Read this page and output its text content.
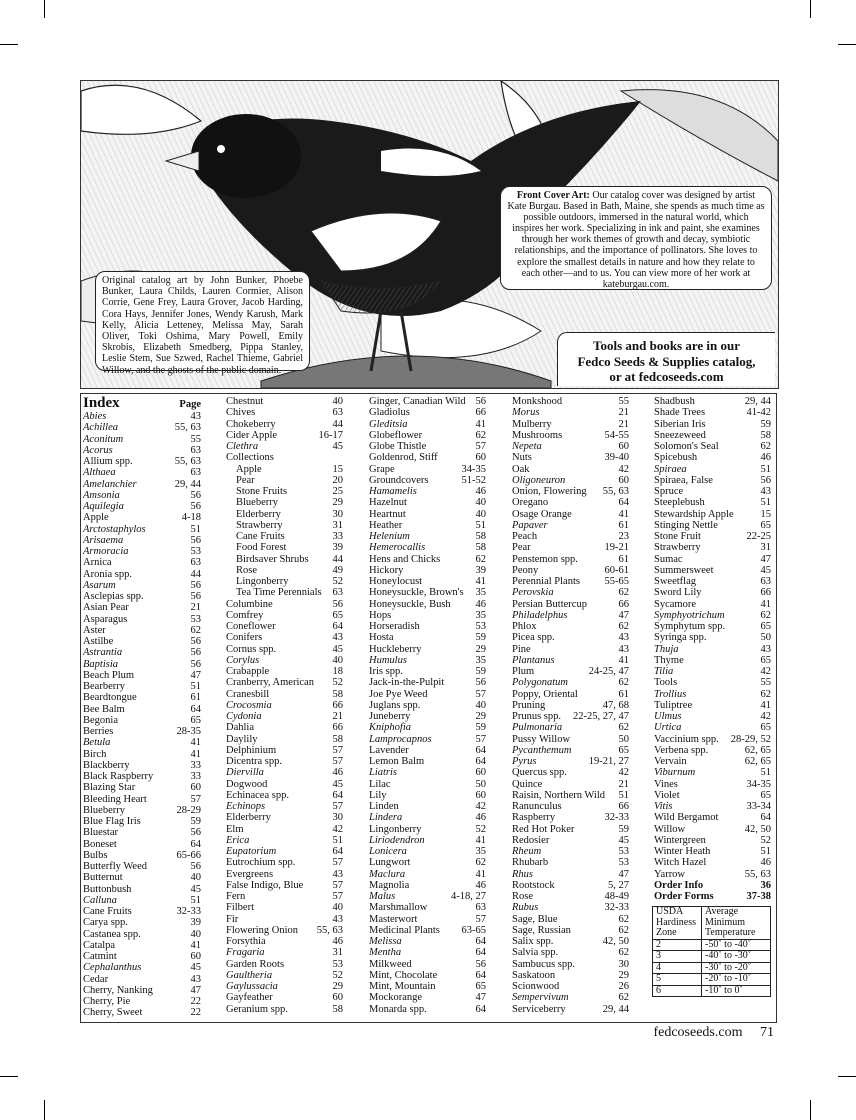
Original catalog art by John Bunker, Phoebe Bunker, Laura Childs, Lauren Cormier, Alison Corrie, Gene Frey, Laura Grover, Jacob Harding, Cora Hays, Jennifer Jones, Wendy Karush, Mark Kelly, Alicia Letteney, Melissa May, Sarah Oliver, Toki Oshima, Mary Powell, Emily Skrobis, Elizabeth Smedberg, Pippa Stanley, Leslie Stem, Sue Szwed, Rachel Thieme, Gabriel Willow, and the ghosts of the public domain.
Front Cover Art: Our catalog cover was designed by artist Kate Burgau. Based in Bath, Maine, she spends as much time as possible outdoors, immersed in the natural world, which inspires her work. Specializing in ink and paint, she examines through her work themes of growth and decay, symbiotic relationships, and the importance of pollinators. She loves to explore the smallest details in nature and how they relate to each other—and to us. You can view more of her work at kateburgau.com.
Tools and books are in our
Fedco Seeds & Supplies catalog,
or at fedcoseeds.com
Index	Page
Abies	43
Achillea	55, 63
Aconitum	55
Acorus	63
Allium spp.	55, 63
Althaea	63
Amelanchier	29, 44
Amsonia	56
Aquilegia	56
Apple	4-18
Arctostaphylos	51
Arisaema	56
Armoracia	53
Arnica	63
Aronia spp.	44
Asarum	56
Asclepias spp.	56
Asian Pear	21
Asparagus	53
Aster	62
Astilbe	56
Astrantia	56
Baptisia	56
Beach Plum	47
Bearberry	51
Beardtongue	61
Bee Balm	64
Begonia	65
Berries	28-35
Betula	41
Birch	41
Blackberry	33
Black Raspberry	33
Blazing Star	60
Bleeding Heart	57
Blueberry	28-29
Blue Flag Iris	59
Bluestar	56
Boneset	64
Bulbs	65-66
Butterfly Weed	56
Butternut	40
Buttonbush	45
Calluna	51
Cane Fruits	32-33
Carya spp.	39
Castanea spp.	40
Catalpa	41
Catmint	60
Cephalanthus	45
Cedar	43
Cherry, Nanking	47
Cherry, Pie	22
Cherry, Sweet	22
Chestnut	40
Chives	63
Chokeberry	44
Cider Apple	16-17
Clethra	45
Collections
Apple	15
Pear	20
Stone Fruits	25
Blueberry	29
Elderberry	30
Strawberry	31
Cane Fruits	33
Food Forest	39
Birdsaver Shrubs	44
Rose	49
Lingonberry	52
Tea Time Perennials	63
Columbine	56
Comfrey	65
Coneflower	64
Conifers	43
Cornus spp.	45
Corylus	40
Crabapple	18
Cranberry, American	52
Cranesbill	58
Crocosmia	66
Cydonia	21
Dahlia	66
Daylily	58
Delphinium	57
Dicentra spp.	57
Diervilla	46
Dogwood	45
Echinacea spp.	64
Echinops	57
Elderberry	30
Elm	42
Erica	51
Eupatorium	64
Eutrochium spp.	57
Evergreens	43
False Indigo, Blue	57
Fern	57
Filbert	40
Fir	43
Flowering Onion	55, 63
Forsythia	46
Fragaria	31
Garden Roots	53
Gaultheria	52
Gaylussacia	29
Gayfeather	60
Geranium spp.	58
Ginger, Canadian Wild 56
Gladiolus	66
Gleditsia	41
Globeflower	62
Globe Thistle	57
Goldenrod, Stiff	60
Grape	34-35
Groundcovers	51-52
Hamamelis	46
Hazelnut	40
Heartnut	40
Heather	51
Helenium	58
Hemerocallis	58
Hens and Chicks	62
Hickory	39
Honeylocust	41
Honeysuckle, Brown's	35
Honeysuckle, Bush	46
Hops	35
Horseradish	53
Hosta	59
Huckleberry	29
Humulus	35
Iris spp.	59
Jack-in-the-Pulpit	56
Joe Pye Weed	57
Juglans spp.	40
Juneberry	29
Kniphofia	59
Lamprocapnos	57
Lavender	64
Lemon Balm	64
Liatris	60
Lilac	50
Lily	60
Linden	42
Lindera	46
Lingonberry	52
Liriodendron	41
Lonicera	35
Lungwort	62
Maclura	41
Magnolia	46
Malus	4-18, 27
Marshmallow	63
Masterwort	57
Medicinal Plants	63-65
Melissa	64
Mentha	64
Milkweed	56
Mint, Chocolate	64
Mint, Mountain	65
Mockorange	47
Monarda spp.	64
Monkshood	55
Morus	21
Mulberry	21
Mushrooms	54-55
Nepeta	60
Nuts	39-40
Oak	42
Oligoneuron	60
Onion, Flowering	55, 63
Oregano	64
Osage Orange	41
Papaver	61
Peach	23
Pear	19-21
Penstemon spp.	61
Peony	60-61
Perennial Plants	55-65
Perovskia	62
Persian Buttercup	66
Philadelphus	47
Phlox	62
Picea spp.	43
Pine	43
Plantanus	41
Plum	24-25, 47
Polygonatum	62
Poppy, Oriental	61
Pruning	47, 68
Prunus spp.	22-25, 27, 47
Pulmonaria	62
Pussy Willow	50
Pycanthemum	65
Pyrus	19-21, 27
Quercus spp.	42
Quince	21
Raisin, Northern Wild	51
Ranunculus	66
Raspberry	32-33
Red Hot Poker	59
Redosier	45
Rheum	53
Rhubarb	53
Rhus	47
Rootstock	5, 27
Rose	48-49
Rubus	32-33
Sage, Blue	62
Sage, Russian	62
Salix spp.	42, 50
Salvia spp.	62
Sambucus spp.	30
Saskatoon	29
Scionwood	26
Sempervivum	62
Serviceberry	29, 44
Shadbush	29, 44
Shade Trees	41-42
Siberian Iris	59
Sneezeweed	58
Solomon's Seal	62
Spicebush	46
Spiraea	51
Spiraea, False	56
Spruce	43
Steeplebush	51
Stewardship Apple	15
Stinging Nettle	65
Stone Fruit	22-25
Strawberry	31
Sumac	47
Summersweet	45
Sweetflag	63
Sword Lily	66
Sycamore	41
Symphyotrichum	62
Symphytum spp.	65
Syringa spp.	50
Thuja	43
Thyme	65
Tilia	42
Tools	55
Trollius	62
Tuliptree	41
Ulmus	42
Urtica	65
Vaccinium spp.	28-29, 52
Verbena spp.	62, 65
Vervain	62, 65
Viburnum	51
Vines	34-35
Violet	65
Vitis	33-34
Wild Bergamot	64
Willow	42, 50
Wintergreen	52
Winter Heath	51
Witch Hazel	46
Yarrow	55, 63
Order Info	36
Order Forms	37-38
USDA Hardiness Zone	Average Minimum Temperature
2	-50˚ to -40˚
3	-40˚ to -30˚
4	-30˚ to -20˚
5	-20˚ to -10˚
6	-10˚ to 0˚
fedcoseeds.com 71
